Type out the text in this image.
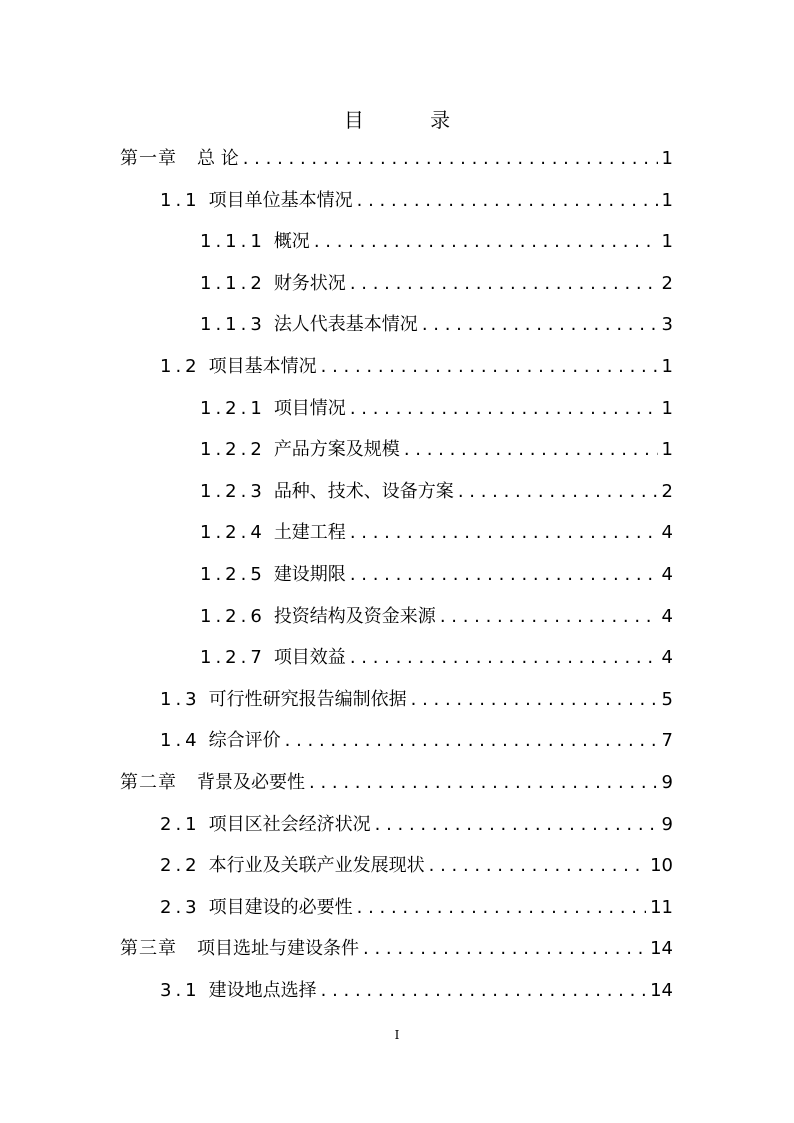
目 录
第一章 总 论 . . .	1
1.1 项目单位基本情况 . . .	1
1.1.1 概况 . . .	1
1.1.2 财务状况 . . .	2
1.1.3 法人代表基本情况 . . .	3
1.2 项目基本情况 . . .	1
1.2.1 项目情况 . . .	1
1.2.2 产品方案及规模 . . .	1
1.2.3 品种、技术、设备方案 . . .	2
1.2.4 土建工程 . . .	4
1.2.5 建设期限 . . .	4
1.2.6 投资结构及资金来源 . . .	4
1.2.7 项目效益 . . .	4
1.3 可行性研究报告编制依据 . . .	5
1.4 综合评价 . . .	7
第二章 背景及必要性 . . .	9
2.1 项目区社会经济状况 . . .	9
2.2 本行业及关联产业发展现状 . . .	10
2.3 项目建设的必要性 . . .	11
第三章 项目选址与建设条件 . . .	14
3.1 建设地点选择 . . .	14
I
